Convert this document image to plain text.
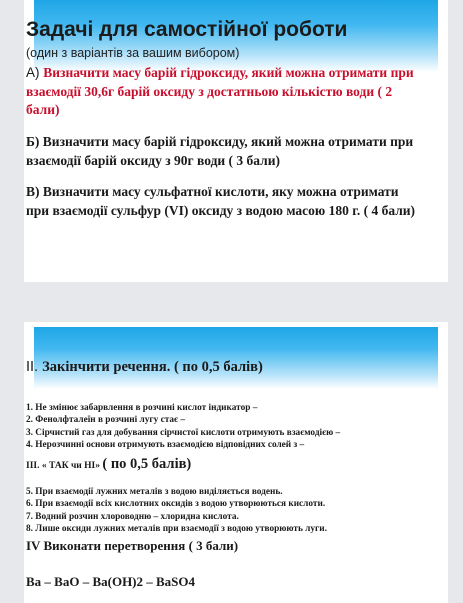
Задачі для самостійної роботи
(один з варіантів за вашим вибором)
А) Визначити масу барій гідроксиду, який можна отримати при взаємодії 30,6г барій оксиду з достатньою кількістю води ( 2 бали)
Б) Визначити масу барій гідроксиду, який можна отримати при взаємодії барій оксиду з 90г води ( 3 бали)
В) Визначити масу сульфатної кислоти, яку можна отримати при взаємодії сульфур (VI) оксиду з водою масою 180 г. ( 4 бали)
II. Закінчити речення. ( по 0,5 балів)
1. Не змінює забарвлення в розчині кислот індикатор –
2. Фенолфталеїн в розчині лугу стає –
3. Сірчистий газ для добування сірчистої кислоти отримують взаємодією –
4. Нерозчинні основи отримують взаємодією відповідних солей з –
ІІІ. « ТАК чи НІ» ( по 0,5 балів)
5. При взаємодії лужних металів з водою виділяється водень.
6. При взаємодії всіх кислотних оксидів з водою утворюються кислоти.
7. Водний розчин хлороводню – хлоридна кислота.
8. Лише оксиди лужних металів при взаємодії з водою утворюють луги.
IV Виконати перетворення ( 3 бали)
Ba – BaO – Ba(OH)2 – BaSO4
